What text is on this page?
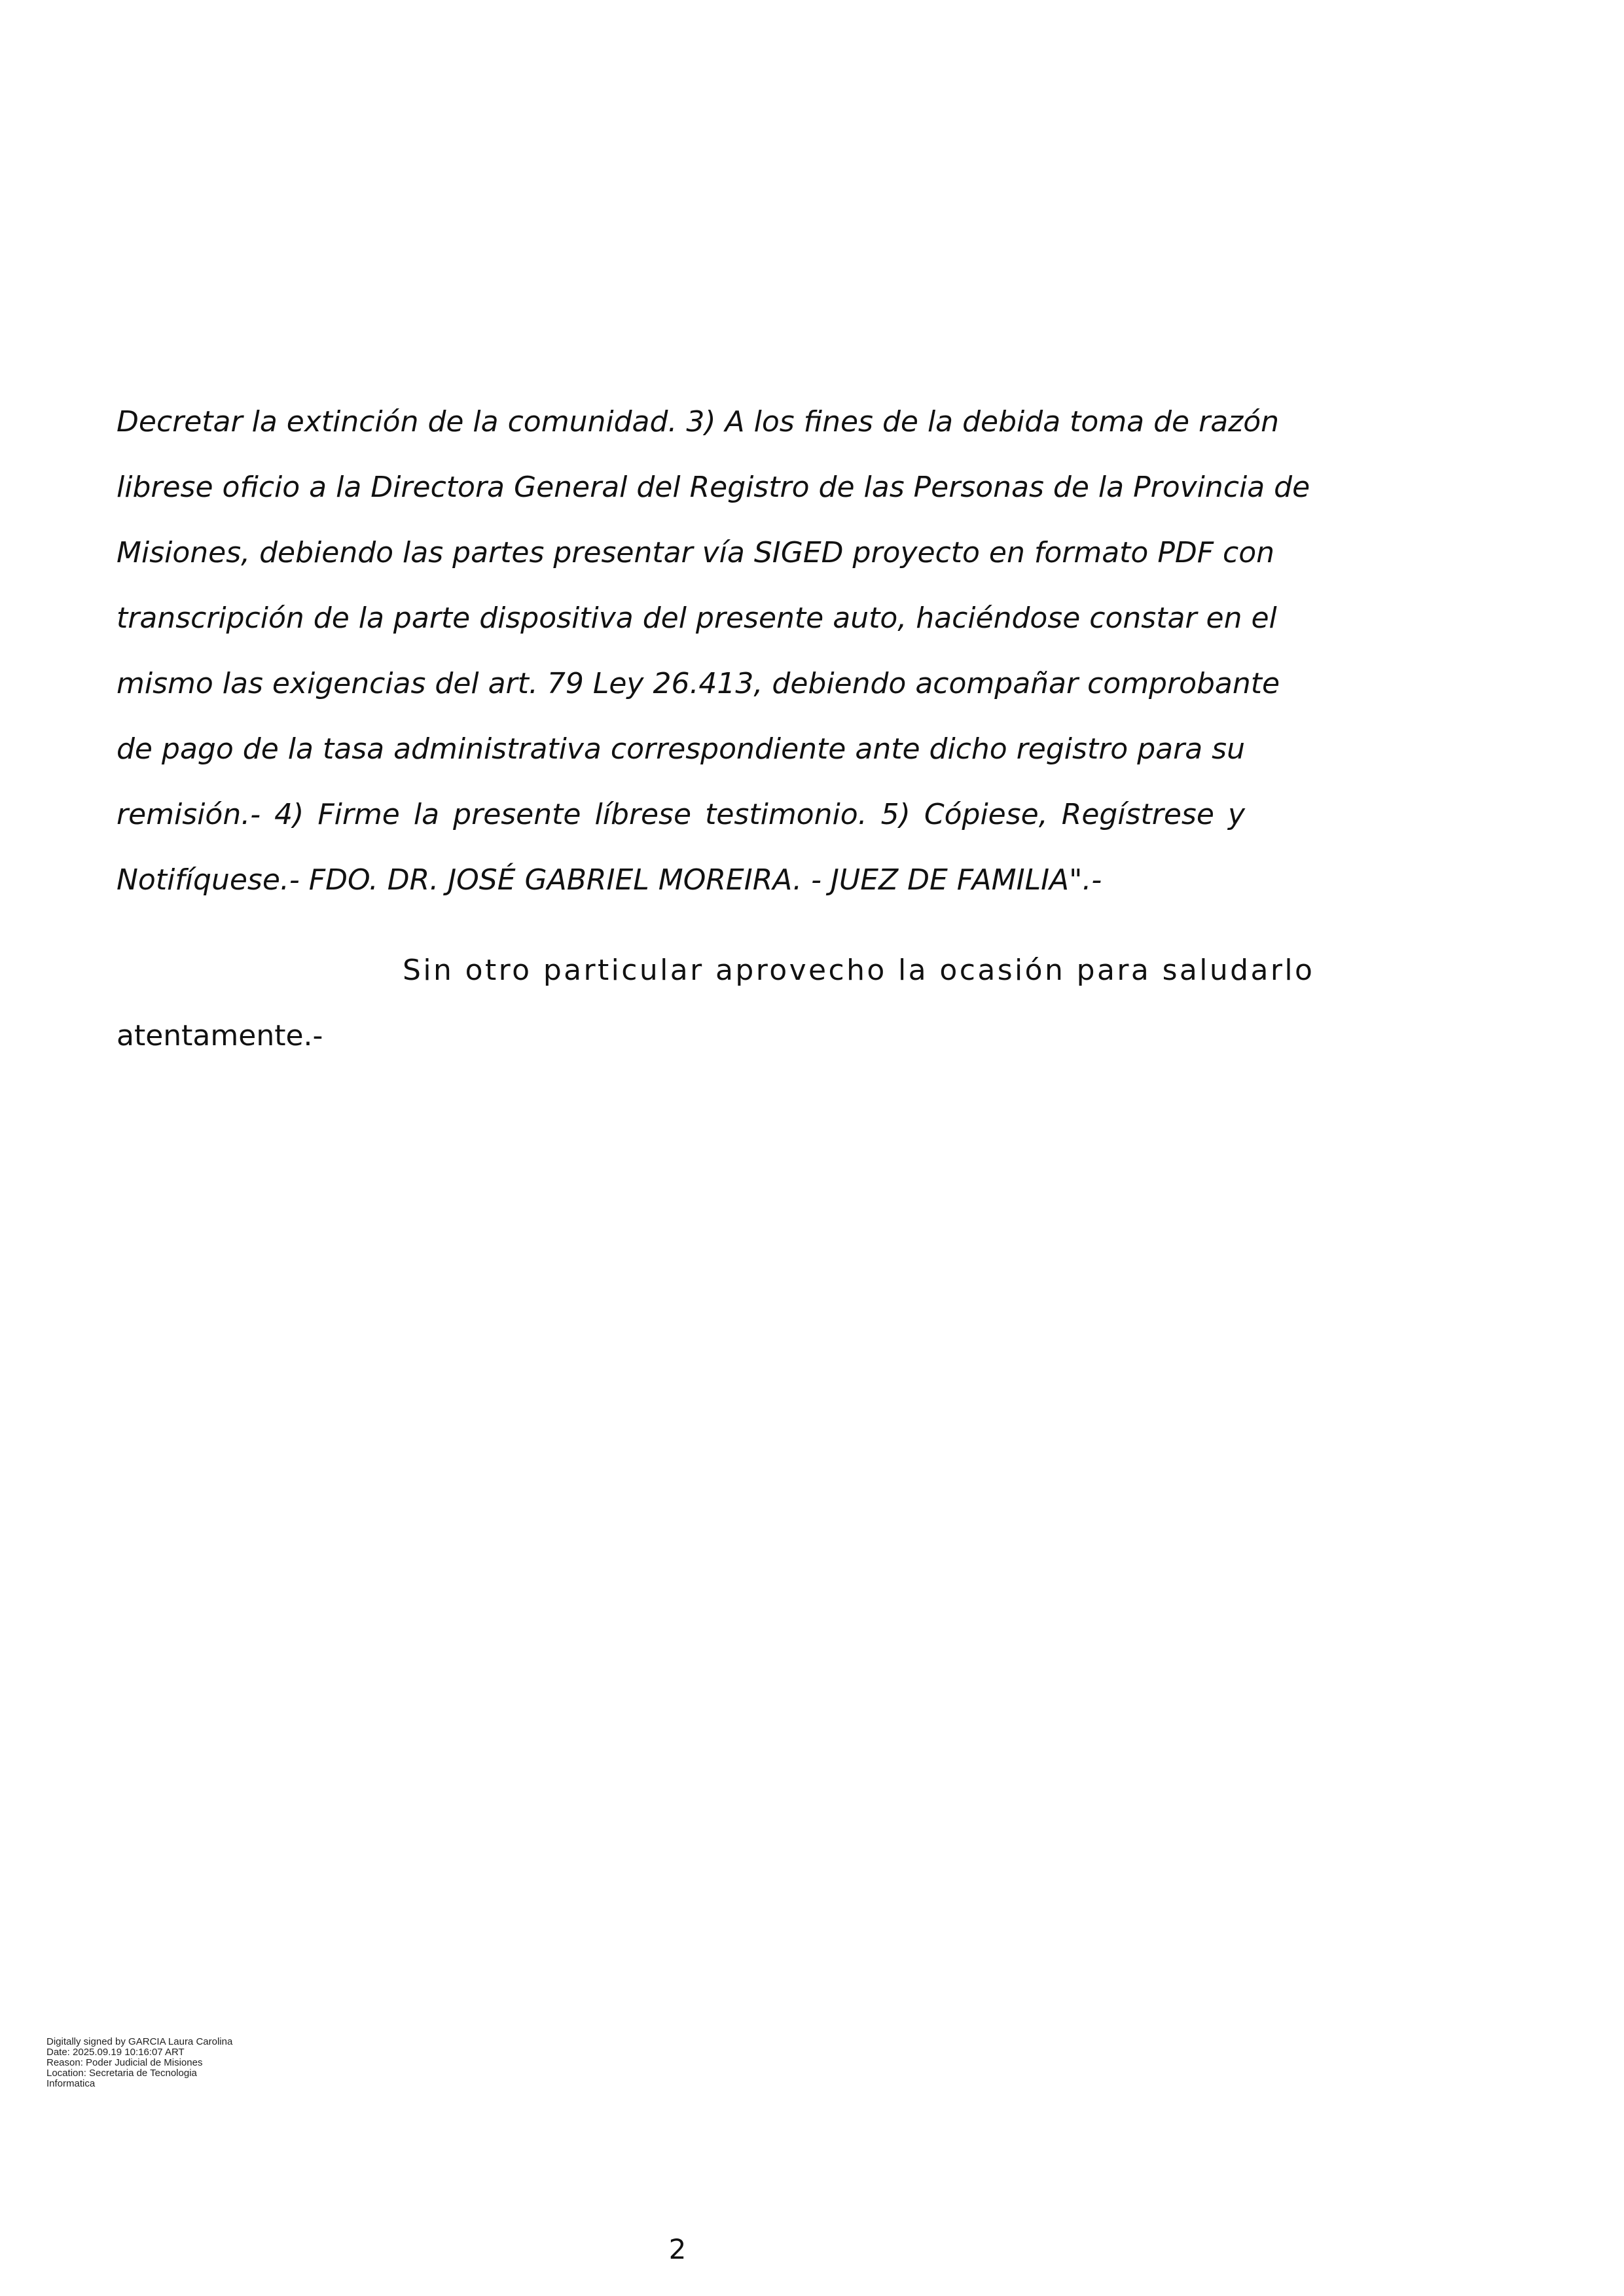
Decretar la extinción de la comunidad. 3) A los fines de la debida toma de razón
librese oficio a la Directora General del Registro de las Personas de la Provincia de
Misiones, debiendo las partes presentar vía SIGED proyecto en formato PDF con
transcripción de la parte dispositiva del presente auto, haciéndose constar en el
mismo las exigencias del art. 79 Ley 26.413, debiendo acompañar comprobante
de pago de la tasa administrativa correspondiente ante dicho registro para su
remisión.- 4) Firme la presente líbrese testimonio. 5) Cópiese, Regístrese y
Notifíquese.- FDO. DR. JOSÉ GABRIEL MOREIRA. - JUEZ DE FAMILIA".-
Sin otro particular aprovecho la ocasión para saludarlo
atentamente.-
Digitally signed by GARCIA Laura Carolina
Date: 2025.09.19 10:16:07 ART
Reason: Poder Judicial de Misiones
Location: Secretaria de Tecnologia
Informatica
2
